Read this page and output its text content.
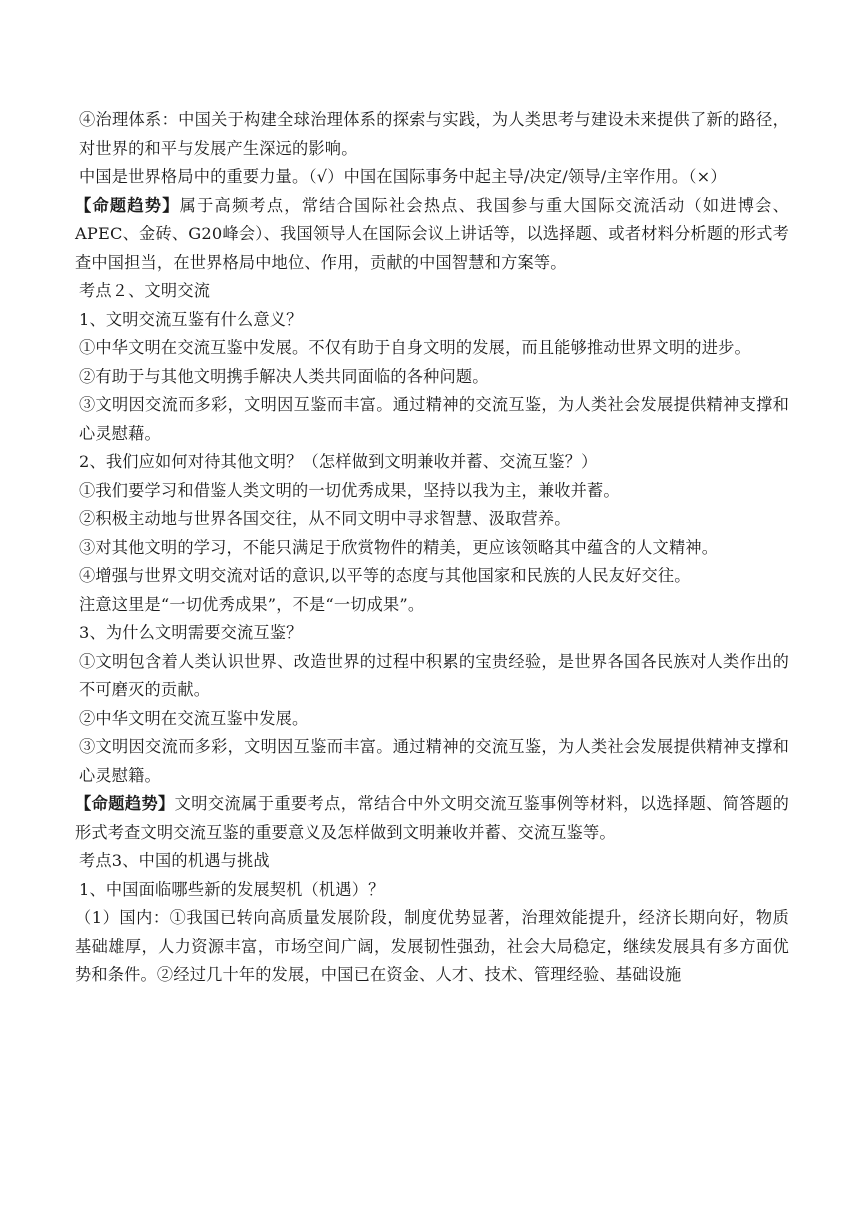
④治理体系：中国关于构建全球治理体系的探索与实践，为人类思考与建设未来提供了新的路径，对世界的和平与发展产生深远的影响。

中国是世界格局中的重要力量。（√）中国在国际事务中起主导/决定/领导/主宰作用。（×）

【命题趋势】属于高频考点，常结合国际社会热点、我国参与重大国际交流活动（如进博会、APEC、金砖、G20峰会）、我国领导人在国际会议上讲话等，以选择题、或者材料分析题的形式考查中国担当，在世界格局中地位、作用，贡献的中国智慧和方案等。

考点２、文明交流

1、文明交流互鉴有什么意义？

①中华文明在交流互鉴中发展。不仅有助于自身文明的发展，而且能够推动世界文明的进步。

②有助于与其他文明携手解决人类共同面临的各种问题。

③文明因交流而多彩，文明因互鉴而丰富。通过精神的交流互鉴，为人类社会发展提供精神支撑和心灵慰藉。

2、我们应如何对待其他文明？（怎样做到文明兼收并蓄、交流互鉴？）

①我们要学习和借鉴人类文明的一切优秀成果，坚持以我为主，兼收并蓄。

②积极主动地与世界各国交往，从不同文明中寻求智慧、汲取营养。

③对其他文明的学习，不能只满足于欣赏物件的精美，更应该领略其中蕴含的人文精神。

④增强与世界文明交流对话的意识,以平等的态度与其他国家和民族的人民友好交往。

注意这里是“一切优秀成果”，不是“一切成果”。

3、为什么文明需要交流互鉴？

①文明包含着人类认识世界、改造世界的过程中积累的宝贵经验，是世界各国各民族对人类作出的不可磨灭的贡献。

②中华文明在交流互鉴中发展。

③文明因交流而多彩，文明因互鉴而丰富。通过精神的交流互鉴，为人类社会发展提供精神支撑和心灵慰籍。

【命题趋势】文明交流属于重要考点，常结合中外文明交流互鉴事例等材料，以选择题、简答题的形式考查文明交流互鉴的重要意义及怎样做到文明兼收并蓄、交流互鉴等。

考点3、中国的机遇与挑战

1、中国面临哪些新的发展契机（机遇）？

（1）国内：①我国已转向高质量发展阶段，制度优势显著，治理效能提升，经济长期向好，物质基础雄厚，人力资源丰富，市场空间广阔，发展韧性强劲，社会大局稳定，继续发展具有多方面优势和条件。②经过几十年的发展，中国已在资金、人才、技术、管理经验、基础设施
